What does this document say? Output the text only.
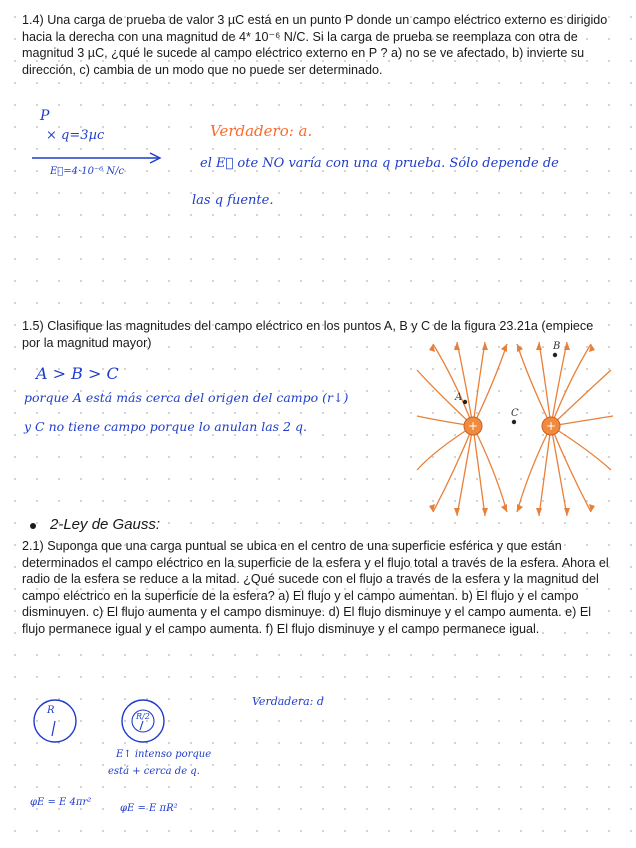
1.4) Una carga de prueba de valor 3 µC está en un punto P donde un campo eléctrico externo es dirigido hacia la derecha con una magnitud de 4* 10⁻⁶ N/C. Si la carga de prueba se reemplaza con otra de magnitud 3 µC, ¿qué le sucede al campo eléctrico externo en P ? a) no se ve afectado, b) invierte su dirección, c) cambia de un modo que no puede ser determinado.

P
× q=3µc
E⃗=4·10⁻⁶ N/c
Verdadero: a.
el E⃗ ote NO varía con una q prueba. Sólo depende de
las q fuente.

1.5) Clasifique las magnitudes del campo eléctrico en los puntos A, B y C de la figura 23.21a (empiece por la magnitud mayor)

A > B > C
porque A está más cerca del origen del campo (r↓)
y C no tiene campo porque lo anulan las 2 q.	+	+
A
B
C

2-Ley de Gauss:

2.1) Suponga que una carga puntual se ubica en el centro de una superficie esférica y que están determinados el campo eléctrico en la superficie de la esfera y el flujo total a través de la esfera. Ahora el radio de la esfera se reduce a la mitad. ¿Qué sucede con el flujo a través de la esfera y la magnitud del campo eléctrico en la superficie de la esfera? a) El flujo y el campo aumentan. b) El flujo y el campo disminuyen. c) El flujo aumenta y el campo disminuye. d) El flujo disminuye y el campo aumenta. e) El flujo permanece igual y el campo aumenta. f) El flujo disminuye y el campo permanece igual.

R
R/2
Verdadera: d
E↑ intenso porque
está + cerca de q.
φE = E 4πr²
φE = E πR²
